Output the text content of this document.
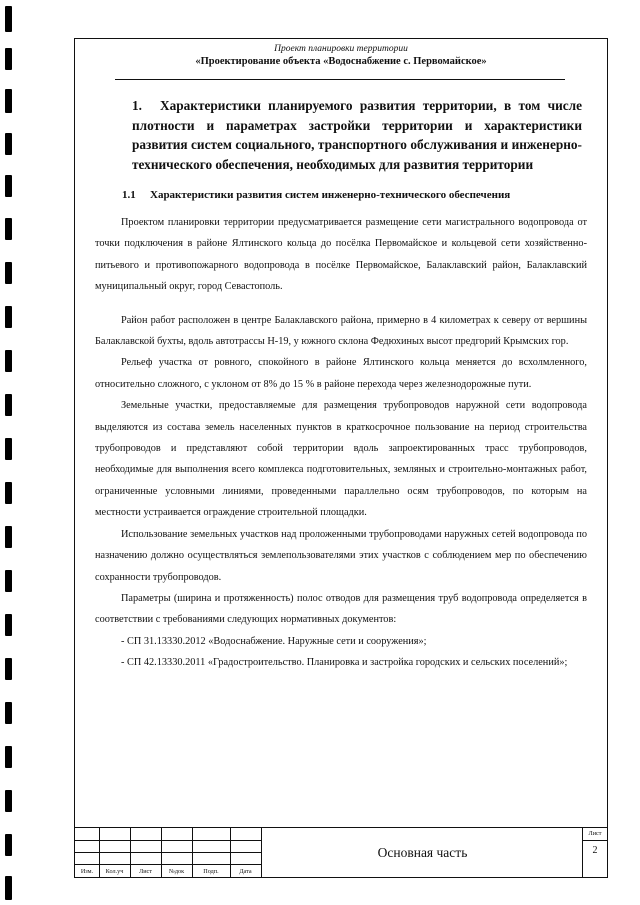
Проект планировки территории
«Проектирование объекта «Водоснабжение с. Первомайское»
1. Характеристики планируемого развития территории, в том числе плотности и параметрах застройки территории и характеристики развития систем социального, транспортного обслуживания и инженерно-технического обеспечения, необходимых для развития территории
1.1 Характеристики развития систем инженерно-технического обеспечения

Проектом планировки территории предусматривается размещение сети магистрального водопровода от точки подключения в районе Ялтинского кольца до посёлка Первомайское и кольцевой сети хозяйственно-питьевого и противопожарного водопровода в посёлке Первомайское, Балаклавский район, Балаклавский муниципальный округ, город Севастополь.

Район работ расположен в центре Балаклавского района, примерно в 4 километрах к северу от вершины Балаклавской бухты, вдоль автотрассы Н-19, у южного склона Федюхиных высот предгорий Крымских гор.

Рельеф участка от ровного, спокойного в районе Ялтинского кольца меняется до всхолмленного, относительно сложного, с уклоном от 8% до 15 % в районе перехода через железнодорожные пути.

Земельные участки, предоставляемые для размещения трубопроводов наружной сети водопровода выделяются из состава земель населенных пунктов в краткосрочное пользование на период строительства трубопроводов и представляют собой территории вдоль запроектированных трасс трубопроводов, необходимые для выполнения всего комплекса подготовительных, земляных и строительно-монтажных работ, ограниченные условными линиями, проведенными параллельно осям трубопроводов, по которым на местности устраивается ограждение строительной площадки.

Использование земельных участков над проложенными трубопроводами наружных сетей водопровода по назначению должно осуществляться землепользователями этих участков с соблюдением мер по обеспечению сохранности трубопроводов.

Параметры (ширина и протяженность) полос отводов для размещения труб водопровода определяется в соответствии с требованиями следующих нормативных документов:

- СП 31.13330.2012 «Водоснабжение. Наружные сети и сооружения»;

- СП 42.13330.2011 «Градостроительство. Планировка и застройка городских и сельских поселений»;

Изм.	Кол.уч	Лист	№док	Подп.	Дата
Основная часть
Лист
2
